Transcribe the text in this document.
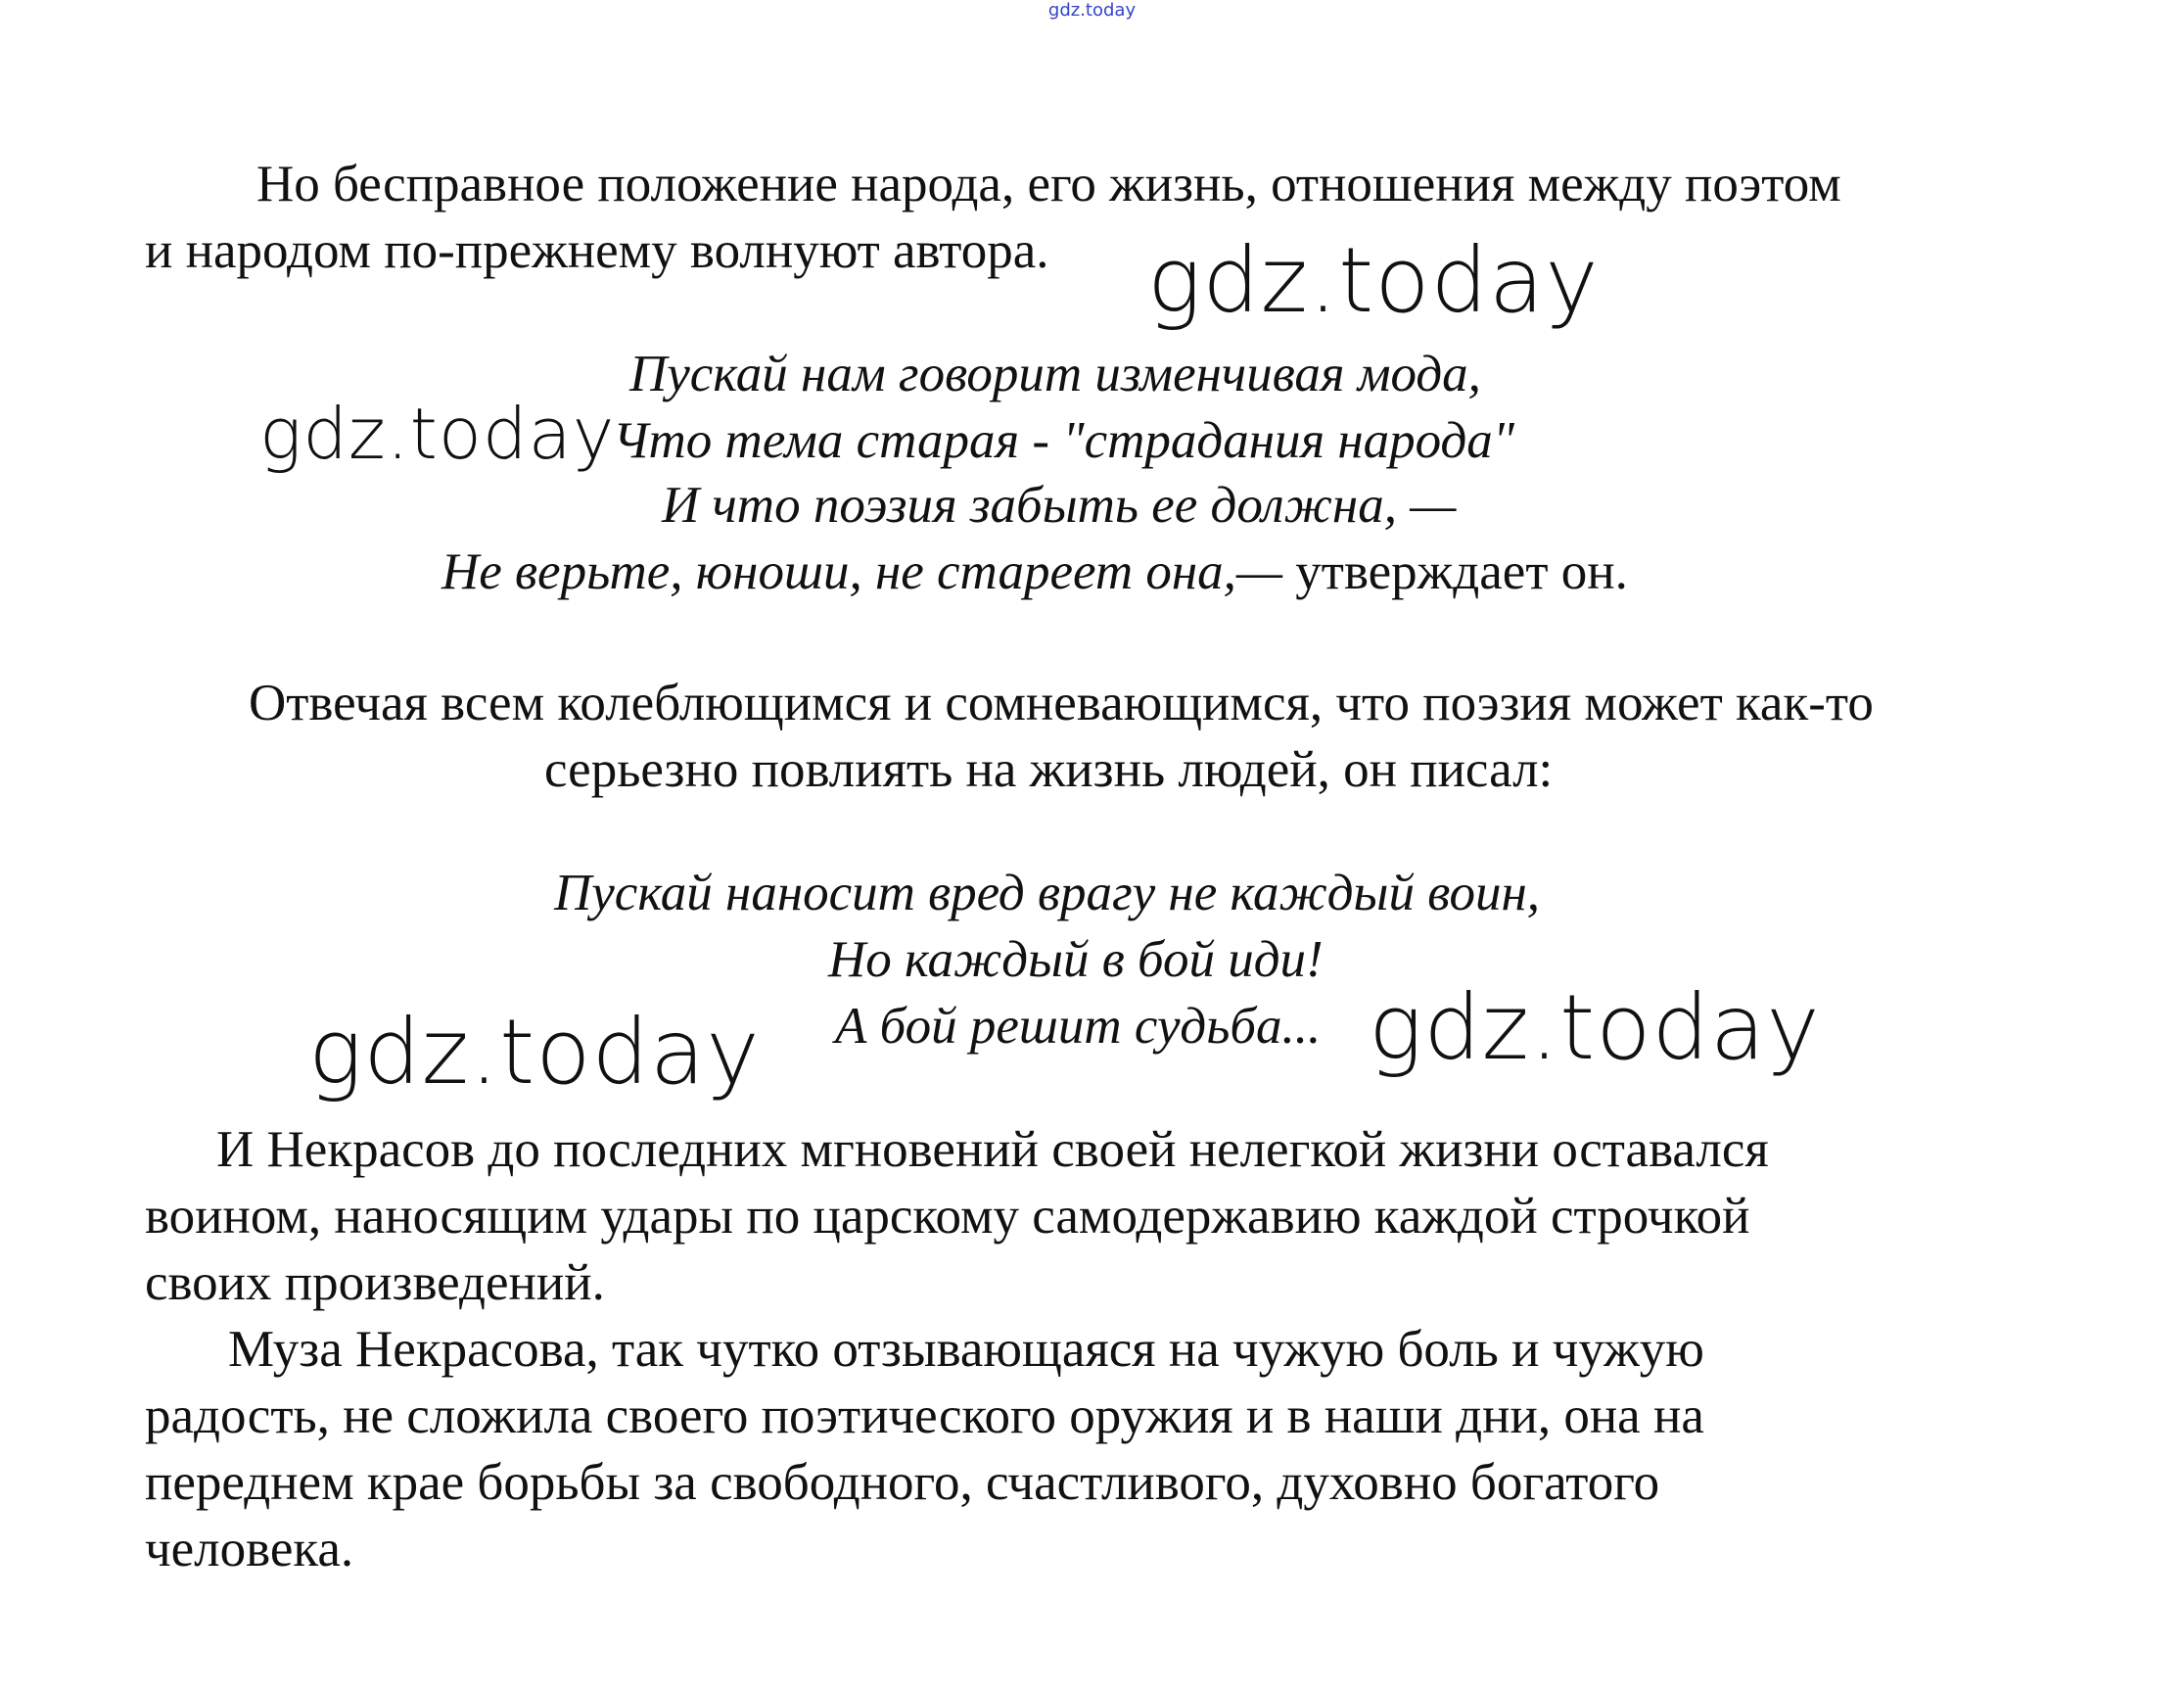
gdz.today
Но бесправное положение народа, его жизнь, отношения между поэтом
и народом по-прежнему волнуют автора.
Пускай нам говорит изменчивая мода,
Что тема старая - "страдания народа"
И что поэзия забыть ее должна, —
Не верьте, юноши, не стареет она,— утверждает он.
Отвечая всем колеблющимся и сомневающимся, что поэзия может как-то
серьезно повлиять на жизнь людей, он писал:
Пускай наносит вред врагу не каждый воин,
Но каждый в бой иди!
А бой решит судьба...
И Некрасов до последних мгновений своей нелегкой жизни оставался
воином, наносящим удары по царскому самодержавию каждой строчкой
своих произведений.
Муза Некрасова, так чутко отзывающаяся на чужую боль и чужую
радость, не сложила своего поэтического оружия и в наши дни, она на
переднем крае борьбы за свободного, счастливого, духовно богатого
человека.
gdz.today
gdz.today
gdz.today	gdz.today
